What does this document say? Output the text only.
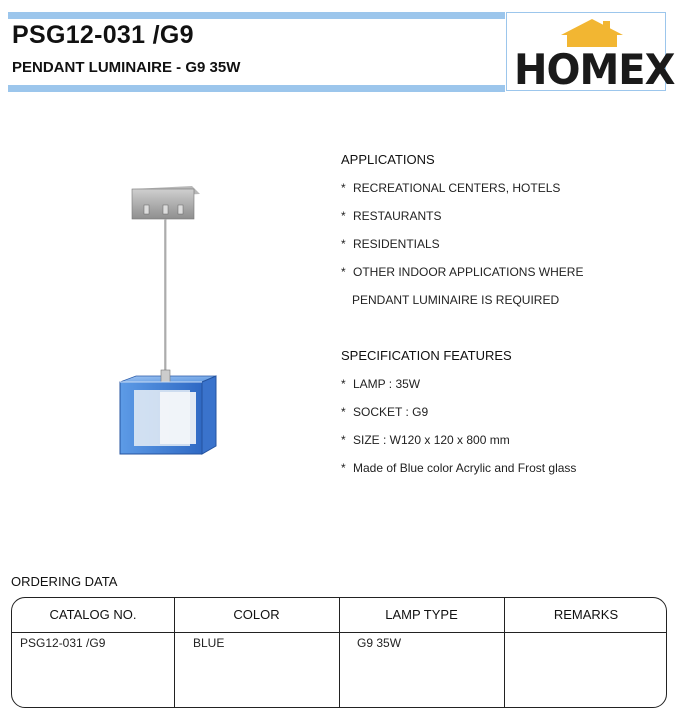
PSG12-031 /G9
PENDANT LUMINAIRE - G9 35W	HOMEX
APPLICATIONS
* RECREATIONAL CENTERS, HOTELS
* RESTAURANTS
* RESIDENTIALS
* OTHER INDOOR APPLICATIONS WHERE
PENDANT LUMINAIRE IS REQUIRED
SPECIFICATION FEATURES
* LAMP : 35W
* SOCKET : G9
* SIZE : W120 x 120 x 800 mm
* Made of Blue color Acrylic and Frost glass
ORDERING DATA
CATALOG NO.	COLOR	LAMP TYPE	REMARKS
PSG12-031 /G9	BLUE	G9 35W
